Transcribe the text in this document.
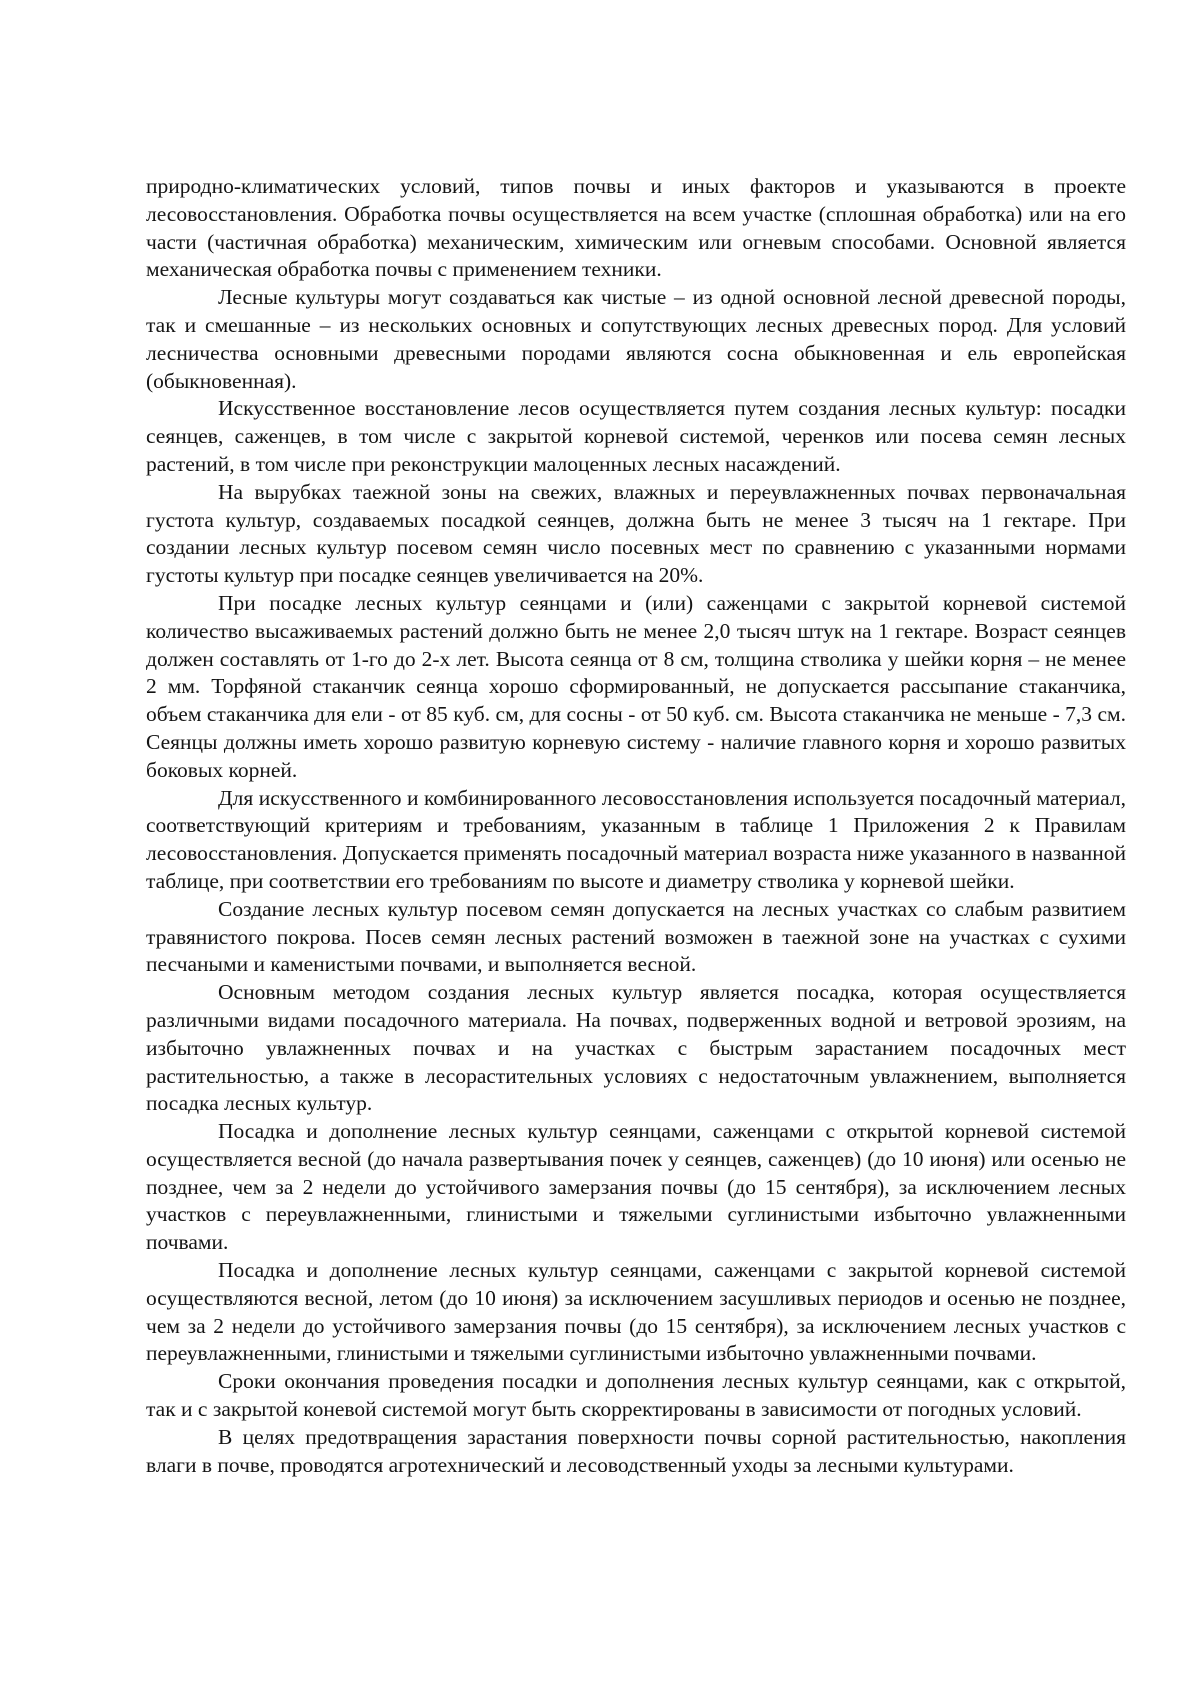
природно-климатических условий, типов почвы и иных факторов и указываются в проекте лесовосстановления. Обработка почвы осуществляется на всем участке (сплошная обработка) или на его части (частичная обработка) механическим, химическим или огневым способами. Основной является механическая обработка почвы с применением техники.

Лесные культуры могут создаваться как чистые – из одной основной лесной древесной породы, так и смешанные – из нескольких основных и сопутствующих лесных древесных пород. Для условий лесничества основными древесными породами являются сосна обыкновенная и ель европейская (обыкновенная).

Искусственное восстановление лесов осуществляется путем создания лесных культур: посадки сеянцев, саженцев, в том числе с закрытой корневой системой, черенков или посева семян лесных растений, в том числе при реконструкции малоценных лесных насаждений.

На вырубках таежной зоны на свежих, влажных и переувлажненных почвах первоначальная густота культур, создаваемых посадкой сеянцев, должна быть не менее 3 тысяч на 1 гектаре. При создании лесных культур посевом семян число посевных мест по сравнению с указанными нормами густоты культур при посадке сеянцев увеличивается на 20%.

При посадке лесных культур сеянцами и (или) саженцами с закрытой корневой системой количество высаживаемых растений должно быть не менее 2,0 тысяч штук на 1 гектаре. Возраст сеянцев должен составлять от 1-го до 2-х лет. Высота сеянца от 8 см, толщина стволика у шейки корня – не менее 2 мм. Торфяной стаканчик сеянца хорошо сформированный, не допускается рассыпание стаканчика, объем стаканчика для ели - от 85 куб. см, для сосны - от 50 куб. см. Высота стаканчика не меньше - 7,3 см. Сеянцы должны иметь хорошо развитую корневую систему - наличие главного корня и хорошо развитых боковых корней.

Для искусственного и комбинированного лесовосстановления используется посадочный материал, соответствующий критериям и требованиям, указанным в таблице 1 Приложения 2 к Правилам лесовосстановления. Допускается применять посадочный материал возраста ниже указанного в названной таблице, при соответствии его требованиям по высоте и диаметру стволика у корневой шейки.

Создание лесных культур посевом семян допускается на лесных участках со слабым развитием травянистого покрова. Посев семян лесных растений возможен в таежной зоне на участках с сухими песчаными и каменистыми почвами, и выполняется весной.

Основным методом создания лесных культур является посадка, которая осуществляется различными видами посадочного материала. На почвах, подверженных водной и ветровой эрозиям, на избыточно увлажненных почвах и на участках с быстрым зарастанием посадочных мест растительностью, а также в лесорастительных условиях с недостаточным увлажнением, выполняется посадка лесных культур.

Посадка и дополнение лесных культур сеянцами, саженцами с открытой корневой системой осуществляется весной (до начала развертывания почек у сеянцев, саженцев) (до 10 июня) или осенью не позднее, чем за 2 недели до устойчивого замерзания почвы (до 15 сентября), за исключением лесных участков с переувлажненными, глинистыми и тяжелыми суглинистыми избыточно увлажненными почвами.

Посадка и дополнение лесных культур сеянцами, саженцами с закрытой корневой системой осуществляются весной, летом (до 10 июня) за исключением засушливых периодов и осенью не позднее, чем за 2 недели до устойчивого замерзания почвы (до 15 сентября), за исключением лесных участков с переувлажненными, глинистыми и тяжелыми суглинистыми избыточно увлажненными почвами.

Сроки окончания проведения посадки и дополнения лесных культур сеянцами, как с открытой, так и с закрытой коневой системой могут быть скорректированы в зависимости от погодных условий.

В целях предотвращения зарастания поверхности почвы сорной растительностью, накопления влаги в почве, проводятся агротехнический и лесоводственный уходы за лесными культурами.
